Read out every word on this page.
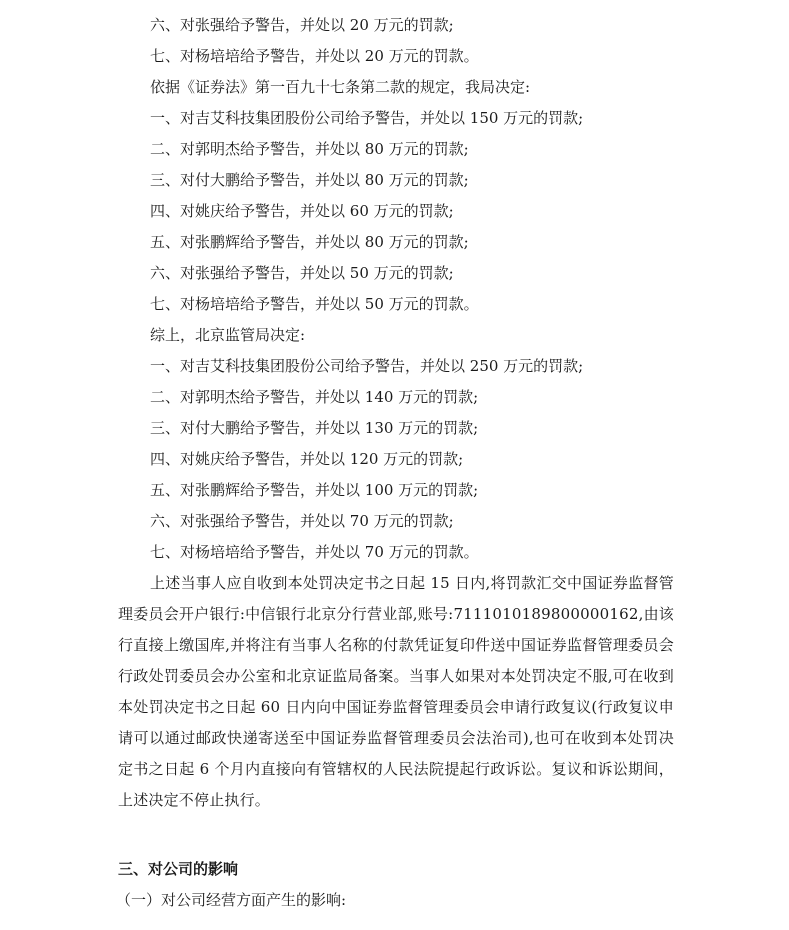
六、对张强给予警告，并处以 20 万元的罚款;
七、对杨培培给予警告，并处以 20 万元的罚款。
依据《证券法》第一百九十七条第二款的规定，我局决定:
一、对吉艾科技集团股份公司给予警告，并处以 150 万元的罚款;
二、对郭明杰给予警告，并处以 80 万元的罚款;
三、对付大鹏给予警告，并处以 80 万元的罚款;
四、对姚庆给予警告，并处以 60 万元的罚款;
五、对张鹏辉给予警告，并处以 80 万元的罚款;
六、对张强给予警告，并处以 50 万元的罚款;
七、对杨培培给予警告，并处以 50 万元的罚款。
综上，北京监管局决定:
一、对吉艾科技集团股份公司给予警告，并处以 250 万元的罚款;
二、对郭明杰给予警告，并处以 140 万元的罚款;
三、对付大鹏给予警告，并处以 130 万元的罚款;
四、对姚庆给予警告，并处以 120 万元的罚款;
五、对张鹏辉给予警告，并处以 100 万元的罚款;
六、对张强给予警告，并处以 70 万元的罚款;
七、对杨培培给予警告，并处以 70 万元的罚款。
上述当事人应自收到本处罚决定书之日起 15 日内,将罚款汇交中国证券监督管理委员会开户银行:中信银行北京分行营业部,账号:7111010189800000162,由该行直接上缴国库,并将注有当事人名称的付款凭证复印件送中国证券监督管理委员会行政处罚委员会办公室和北京证监局备案。当事人如果对本处罚决定不服,可在收到本处罚决定书之日起 60 日内向中国证券监督管理委员会申请行政复议(行政复议申请可以通过邮政快递寄送至中国证券监督管理委员会法治司),也可在收到本处罚决定书之日起 6 个月内直接向有管辖权的人民法院提起行政诉讼。复议和诉讼期间，上述决定不停止执行。
三、对公司的影响
（一）对公司经营方面产生的影响:
